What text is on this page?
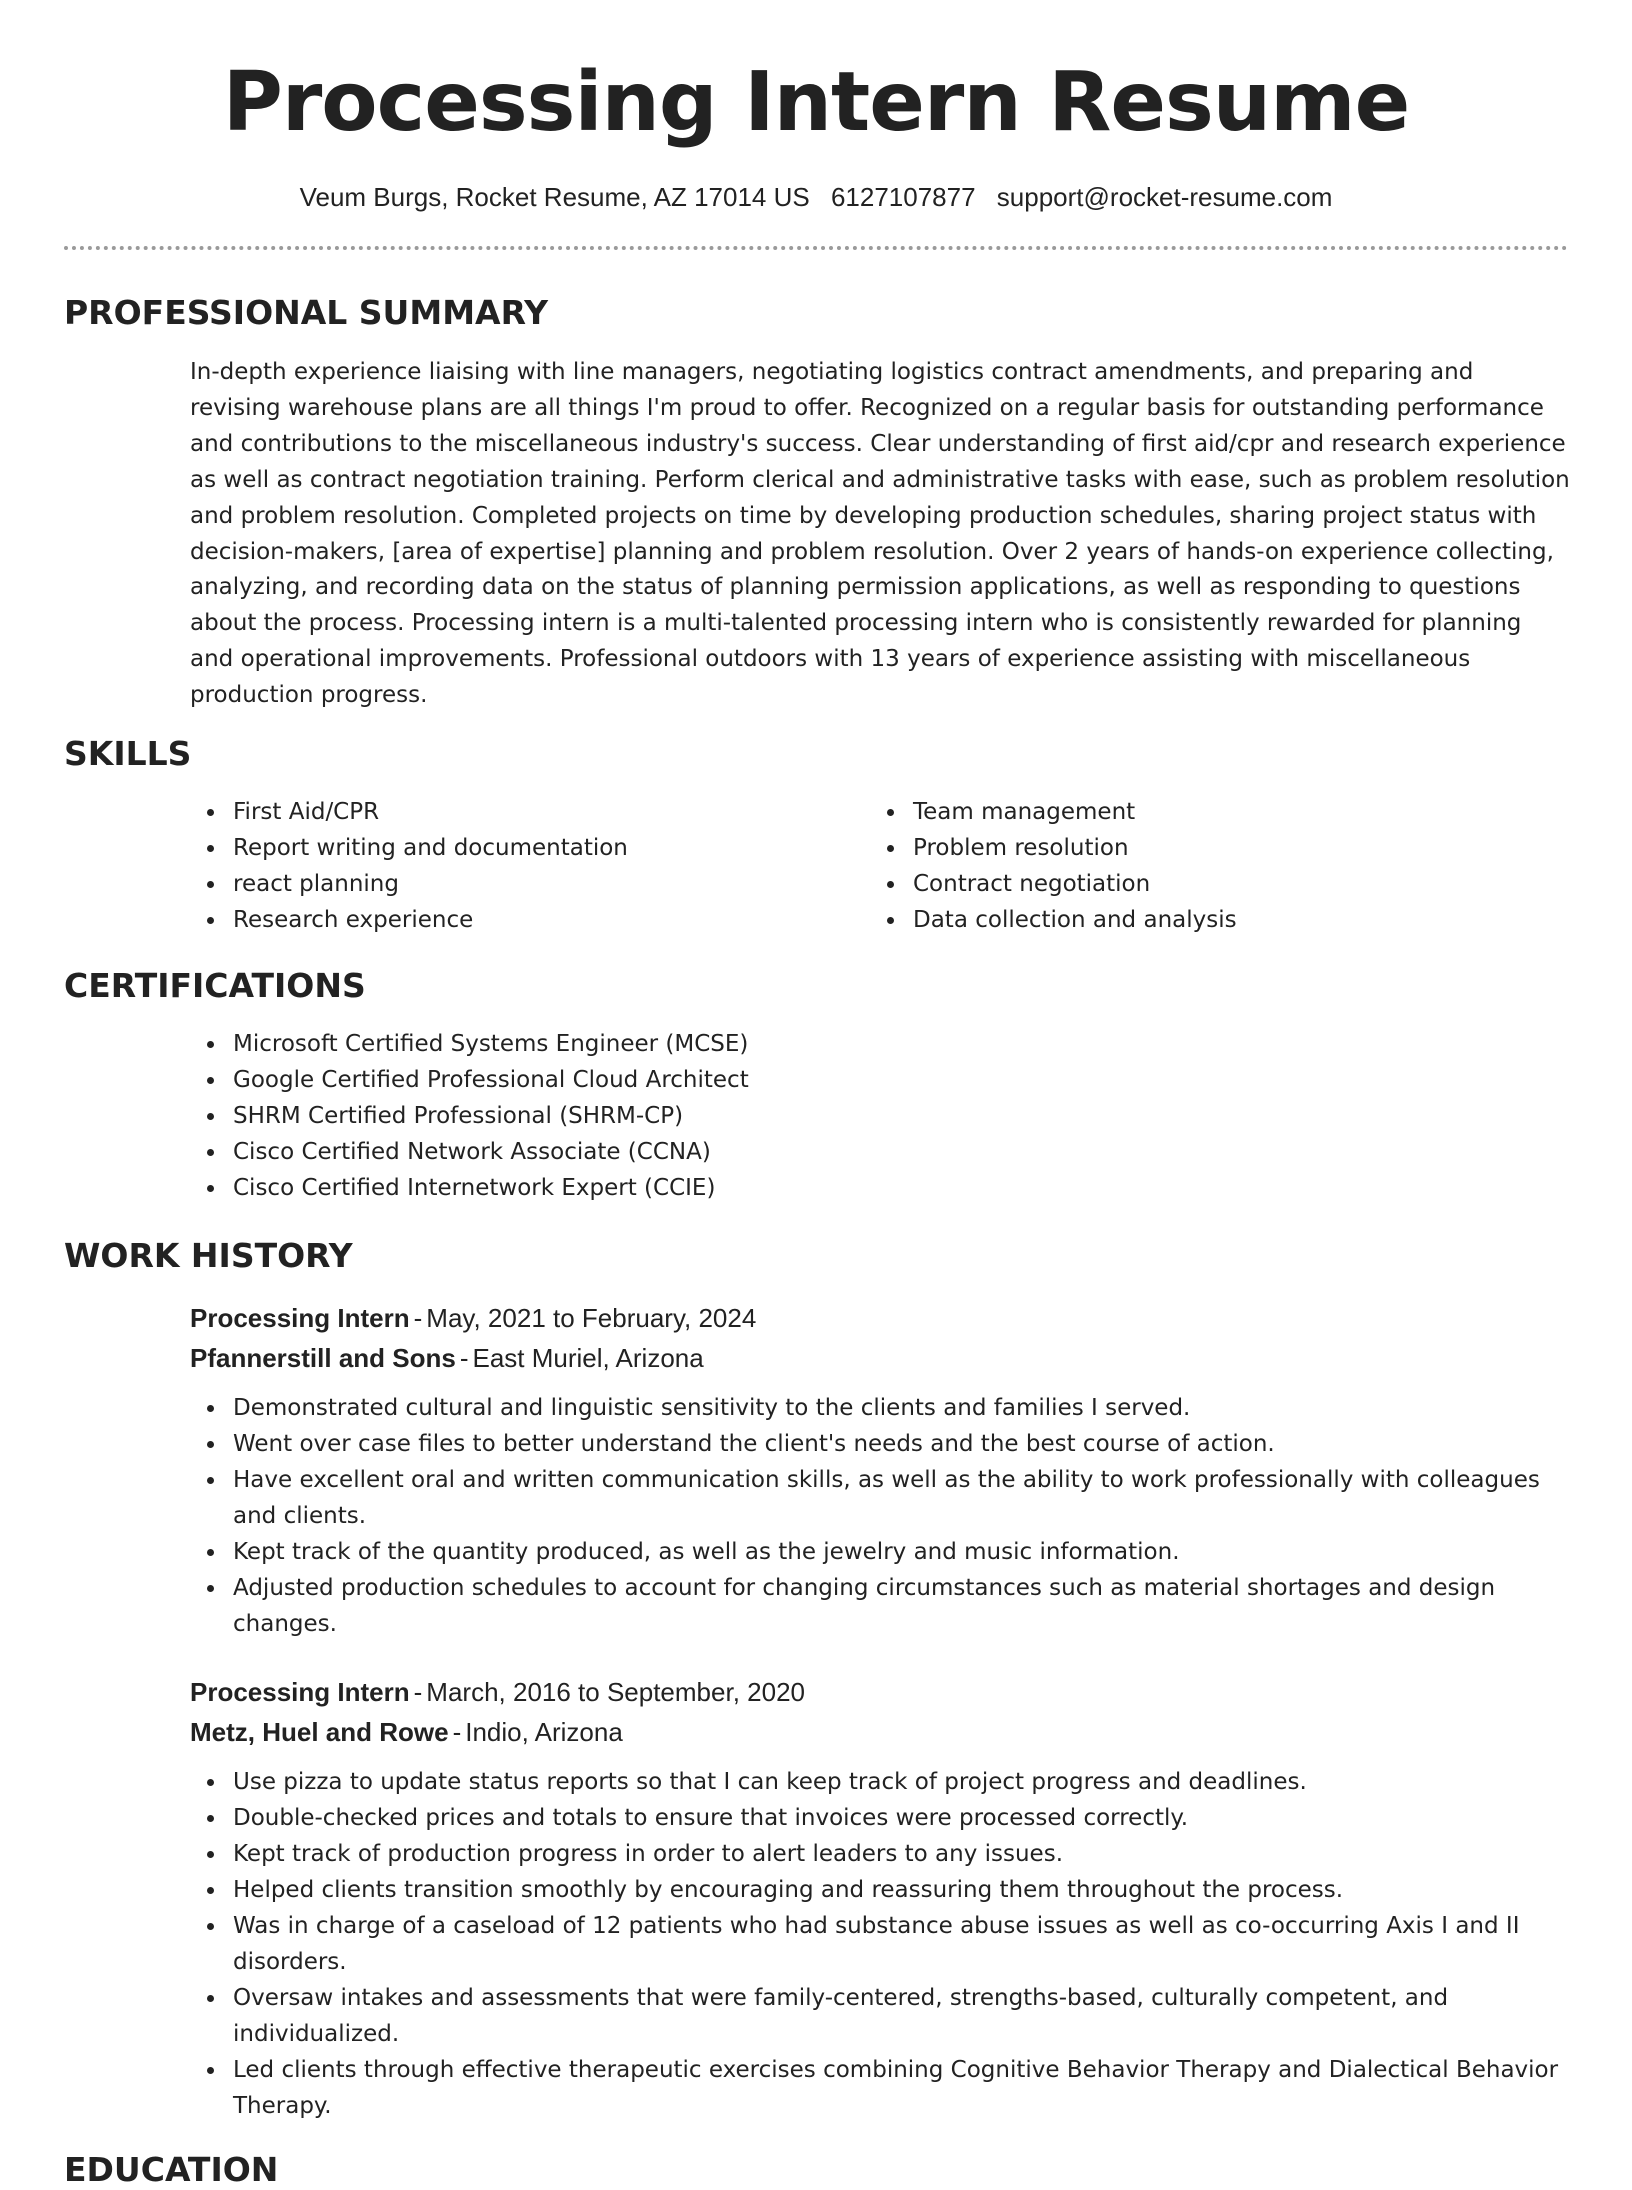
Processing Intern Resume
Veum Burgs, Rocket Resume, AZ 17014 US 6127107877 support@rocket-resume.com
PROFESSIONAL SUMMARY

In-depth experience liaising with line managers, negotiating logistics contract amendments, and preparing and revising warehouse plans are all things I'm proud to offer. Recognized on a regular basis for outstanding performance and contributions to the miscellaneous industry's success. Clear understanding of first aid/cpr and research experience as well as contract negotiation training. Perform clerical and administrative tasks with ease, such as problem resolution and problem resolution. Completed projects on time by developing production schedules, sharing project status with decision-makers, [area of expertise] planning and problem resolution. Over 2 years of hands-on experience collecting, analyzing, and recording data on the status of planning permission applications, as well as responding to questions about the process. Processing intern is a multi-talented processing intern who is consistently rewarded for planning and operational improvements. Professional outdoors with 13 years of experience assisting with miscellaneous production progress.

SKILLS
First Aid/CPR
Report writing and documentation
react planning
Research experience
Team management
Problem resolution
Contract negotiation
Data collection and analysis
CERTIFICATIONS
Microsoft Certified Systems Engineer (MCSE)
Google Certified Professional Cloud Architect
SHRM Certified Professional (SHRM-CP)
Cisco Certified Network Associate (CCNA)
Cisco Certified Internetwork Expert (CCIE)
WORK HISTORY
Processing Intern - May, 2021 to February, 2024
Pfannerstill and Sons - East Muriel, Arizona
Demonstrated cultural and linguistic sensitivity to the clients and families I served.
Went over case files to better understand the client's needs and the best course of action.
Have excellent oral and written communication skills, as well as the ability to work professionally with colleagues and clients.
Kept track of the quantity produced, as well as the jewelry and music information.
Adjusted production schedules to account for changing circumstances such as material shortages and design changes.
Processing Intern - March, 2016 to September, 2020
Metz, Huel and Rowe - Indio, Arizona
Use pizza to update status reports so that I can keep track of project progress and deadlines.
Double-checked prices and totals to ensure that invoices were processed correctly.
Kept track of production progress in order to alert leaders to any issues.
Helped clients transition smoothly by encouraging and reassuring them throughout the process.
Was in charge of a caseload of 12 patients who had substance abuse issues as well as co-occurring Axis I and II disorders.
Oversaw intakes and assessments that were family-centered, strengths-based, culturally competent, and individualized.
Led clients through effective therapeutic exercises combining Cognitive Behavior Therapy and Dialectical Behavior Therapy.
EDUCATION
